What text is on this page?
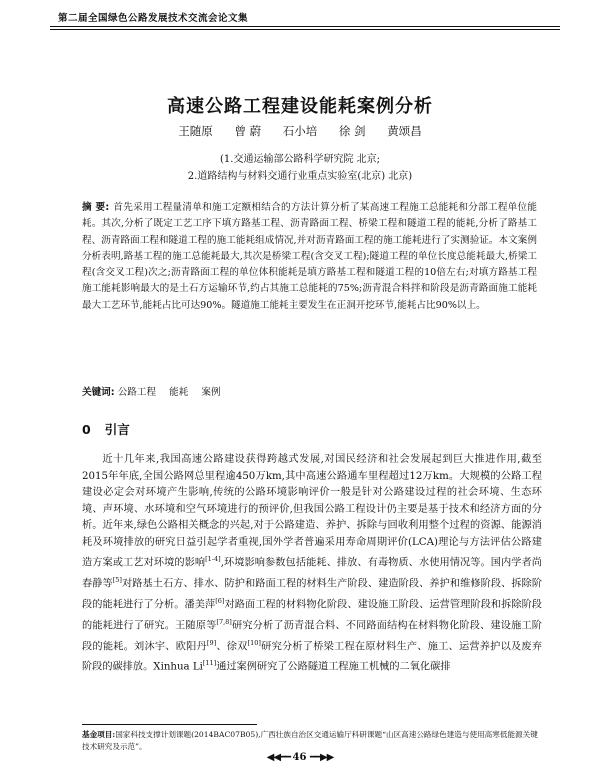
第二届全国绿色公路发展技术交流会论文集
高速公路工程建设能耗案例分析
王随原 曾 蔚 石小培 徐 剑 黄颂昌
(1.交通运输部公路科学研究院 北京;
2.道路结构与材料交通行业重点实验室(北京) 北京)
摘 要: 首先采用工程量清单和施工定额相结合的方法计算分析了某高速工程施工总能耗和分部工程单位能耗。其次,分析了既定工艺工序下填方路基工程、沥青路面工程、桥梁工程和隧道工程的能耗,分析了路基工程、沥青路面工程和隧道工程的施工能耗组成情况,并对沥青路面工程的施工能耗进行了实测验证。本文案例分析表明,路基工程的施工总能耗最大,其次是桥梁工程(含交叉工程);隧道工程的单位长度总能耗最大,桥梁工程(含交叉工程)次之;沥青路面工程的单位体积能耗是填方路基工程和隧道工程的10倍左右;对填方路基工程施工能耗影响最大的是土石方运输环节,约占其施工总能耗的75%;沥青混合料拌和阶段是沥青路面施工能耗最大工艺环节,能耗占比可达90%。隧道施工能耗主要发生在正洞开挖环节,能耗占比90%以上。
关键词: 公路工程 能耗 案例
0 引言
近十几年来,我国高速公路建设获得跨越式发展,对国民经济和社会发展起到巨大推进作用,截至2015年年底,全国公路网总里程逾450万km,其中高速公路通车里程超过12万km。大规模的公路工程建设必定会对环境产生影响,传统的公路环境影响评价一般是针对公路建设过程的社会环境、生态环境、声环境、水环境和空气环境进行的预评价,但我国公路工程设计仍主要是基于技术和经济方面的分析。近年来,绿色公路相关概念的兴起,对于公路建造、养护、拆除与回收利用整个过程的资源、能源消耗及环境排放的研究日益引起学者重视,国外学者普遍采用寿命周期评价(LCA)理论与方法评估公路建造方案或工艺对环境的影响[1-4],环境影响参数包括能耗、排放、有毒物质、水使用情况等。国内学者尚春静等[5]对路基土石方、排水、防护和路面工程的材料生产阶段、建造阶段、养护和维修阶段、拆除阶段的能耗进行了分析。潘美萍[6]对路面工程的材料物化阶段、建设施工阶段、运营管理阶段和拆除阶段的能耗进行了研究。王随原等[7,8]研究分析了沥青混合料、不同路面结构在材料物化阶段、建设施工阶段的能耗。刘沐宇、欧阳丹[9]、徐双[10]研究分析了桥梁工程在原材料生产、施工、运营养护以及废弃阶段的碳排放。Xinhua Li[11]通过案例研究了公路隧道工程施工机械的二氧化碳排
基金项目:国家科技支撑计划课题(2014BAC07B05),广西壮族自治区交通运输厅科研课题“山区高速公路绿色建造与使用高寒低能源关键技术研究及示范”。
◀◀━━ 46 ━━▶▶
